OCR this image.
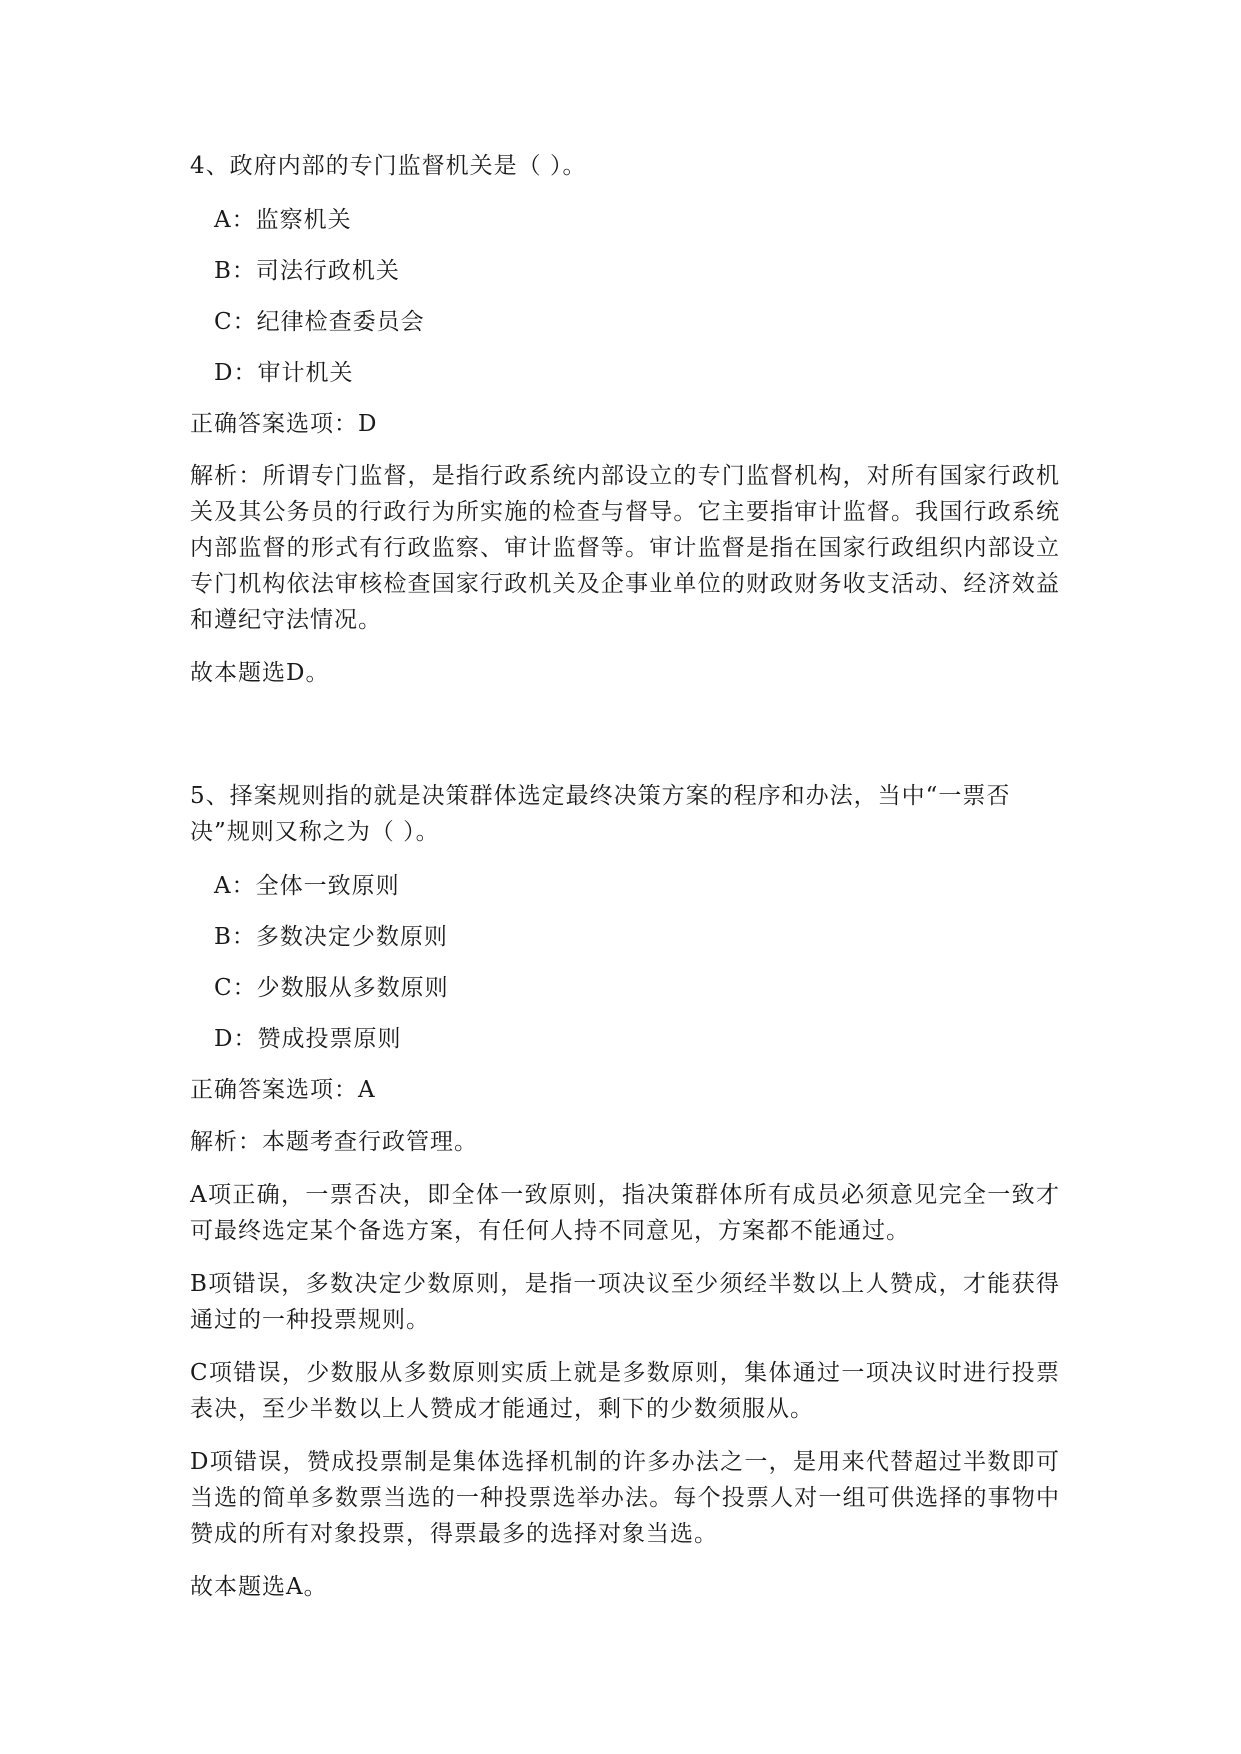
4、政府内部的专门监督机关是（ ）。

A：监察机关
B：司法行政机关
C：纪律检查委员会
D：审计机关

正确答案选项：D

解析：所谓专门监督，是指行政系统内部设立的专门监督机构，对所有国家行政机关及其公务员的行政行为所实施的检查与督导。它主要指审计监督。我国行政系统内部监督的形式有行政监察、审计监督等。审计监督是指在国家行政组织内部设立专门机构依法审核检查国家行政机关及企事业单位的财政财务收支活动、经济效益和遵纪守法情况。

故本题选D。

5、择案规则指的就是决策群体选定最终决策方案的程序和办法，当中“一票否决”规则又称之为（ ）。

A：全体一致原则
B：多数决定少数原则
C：少数服从多数原则
D：赞成投票原则

正确答案选项：A

解析：本题考查行政管理。

A项正确，一票否决，即全体一致原则，指决策群体所有成员必须意见完全一致才可最终选定某个备选方案，有任何人持不同意见，方案都不能通过。

B项错误，多数决定少数原则，是指一项决议至少须经半数以上人赞成，才能获得通过的一种投票规则。

C项错误，少数服从多数原则实质上就是多数原则，集体通过一项决议时进行投票表决，至少半数以上人赞成才能通过，剩下的少数须服从。

D项错误，赞成投票制是集体选择机制的许多办法之一，是用来代替超过半数即可当选的简单多数票当选的一种投票选举办法。每个投票人对一组可供选择的事物中赞成的所有对象投票，得票最多的选择对象当选。

故本题选A。
